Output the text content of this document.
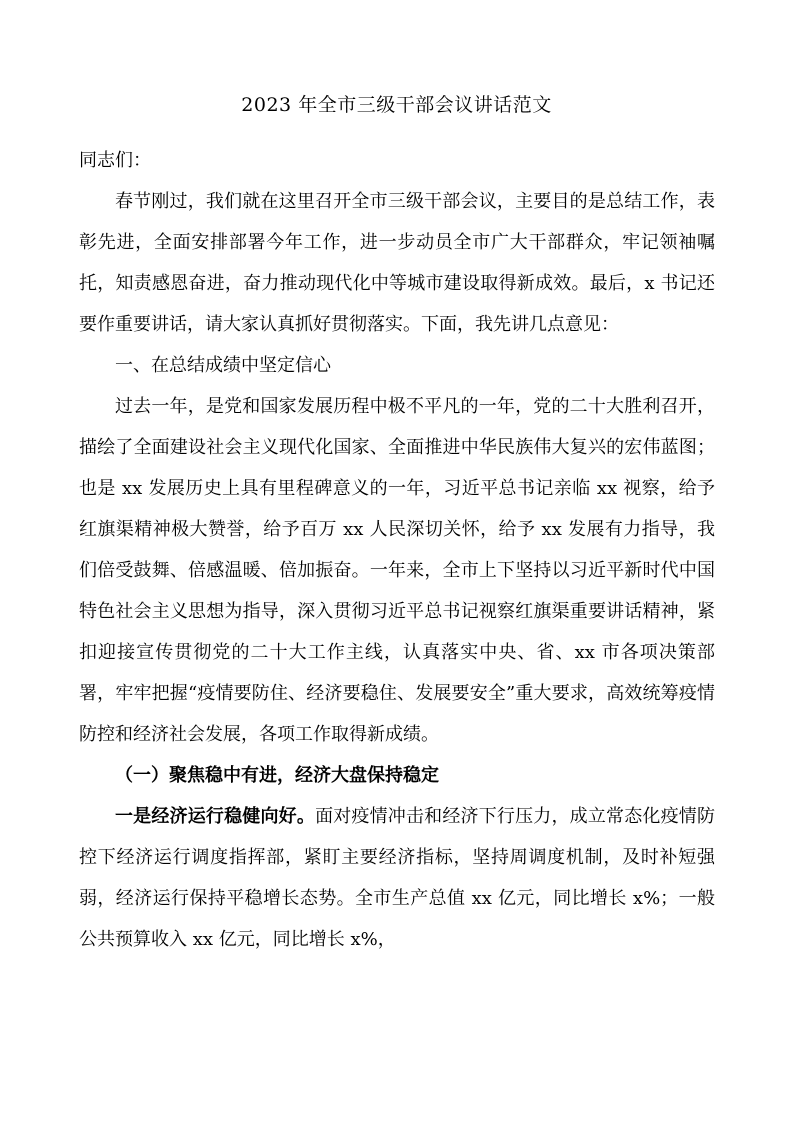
2023 年全市三级干部会议讲话范文

同志们：

春节刚过，我们就在这里召开全市三级干部会议，主要目的是总结工作，表彰先进，全面安排部署今年工作，进一步动员全市广大干部群众，牢记领袖嘱托，知责感恩奋进，奋力推动现代化中等城市建设取得新成效。最后，x 书记还要作重要讲话，请大家认真抓好贯彻落实。下面，我先讲几点意见：

一、在总结成绩中坚定信心

过去一年，是党和国家发展历程中极不平凡的一年，党的二十大胜利召开，描绘了全面建设社会主义现代化国家、全面推进中华民族伟大复兴的宏伟蓝图；也是 xx 发展历史上具有里程碑意义的一年，习近平总书记亲临 xx 视察，给予红旗渠精神极大赞誉，给予百万 xx 人民深切关怀，给予 xx 发展有力指导，我们倍受鼓舞、倍感温暖、倍加振奋。一年来，全市上下坚持以习近平新时代中国特色社会主义思想为指导，深入贯彻习近平总书记视察红旗渠重要讲话精神，紧扣迎接宣传贯彻党的二十大工作主线，认真落实中央、省、xx 市各项决策部署，牢牢把握“疫情要防住、经济要稳住、发展要安全”重大要求，高效统筹疫情防控和经济社会发展，各项工作取得新成绩。

（一）聚焦稳中有进，经济大盘保持稳定

一是经济运行稳健向好。面对疫情冲击和经济下行压力，成立常态化疫情防控下经济运行调度指挥部，紧盯主要经济指标，坚持周调度机制，及时补短强弱，经济运行保持平稳增长态势。全市生产总值 xx 亿元，同比增长 x%；一般公共预算收入 xx 亿元，同比增长 x%，
